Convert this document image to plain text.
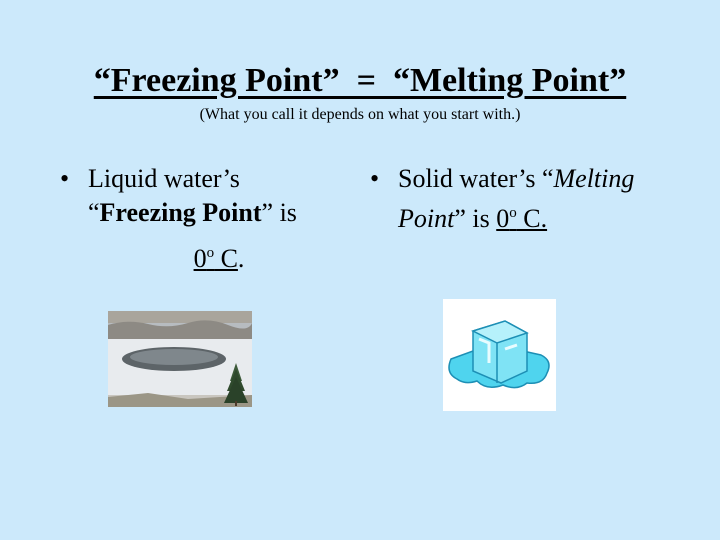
“Freezing Point”  =  “Melting Point”
(What you call it depends on what you start with.)
• Liquid water’s
“Freezing Point” is
0$^o$ C.
• Solid water’s “Melting
Point” is 0$^o$ C.
